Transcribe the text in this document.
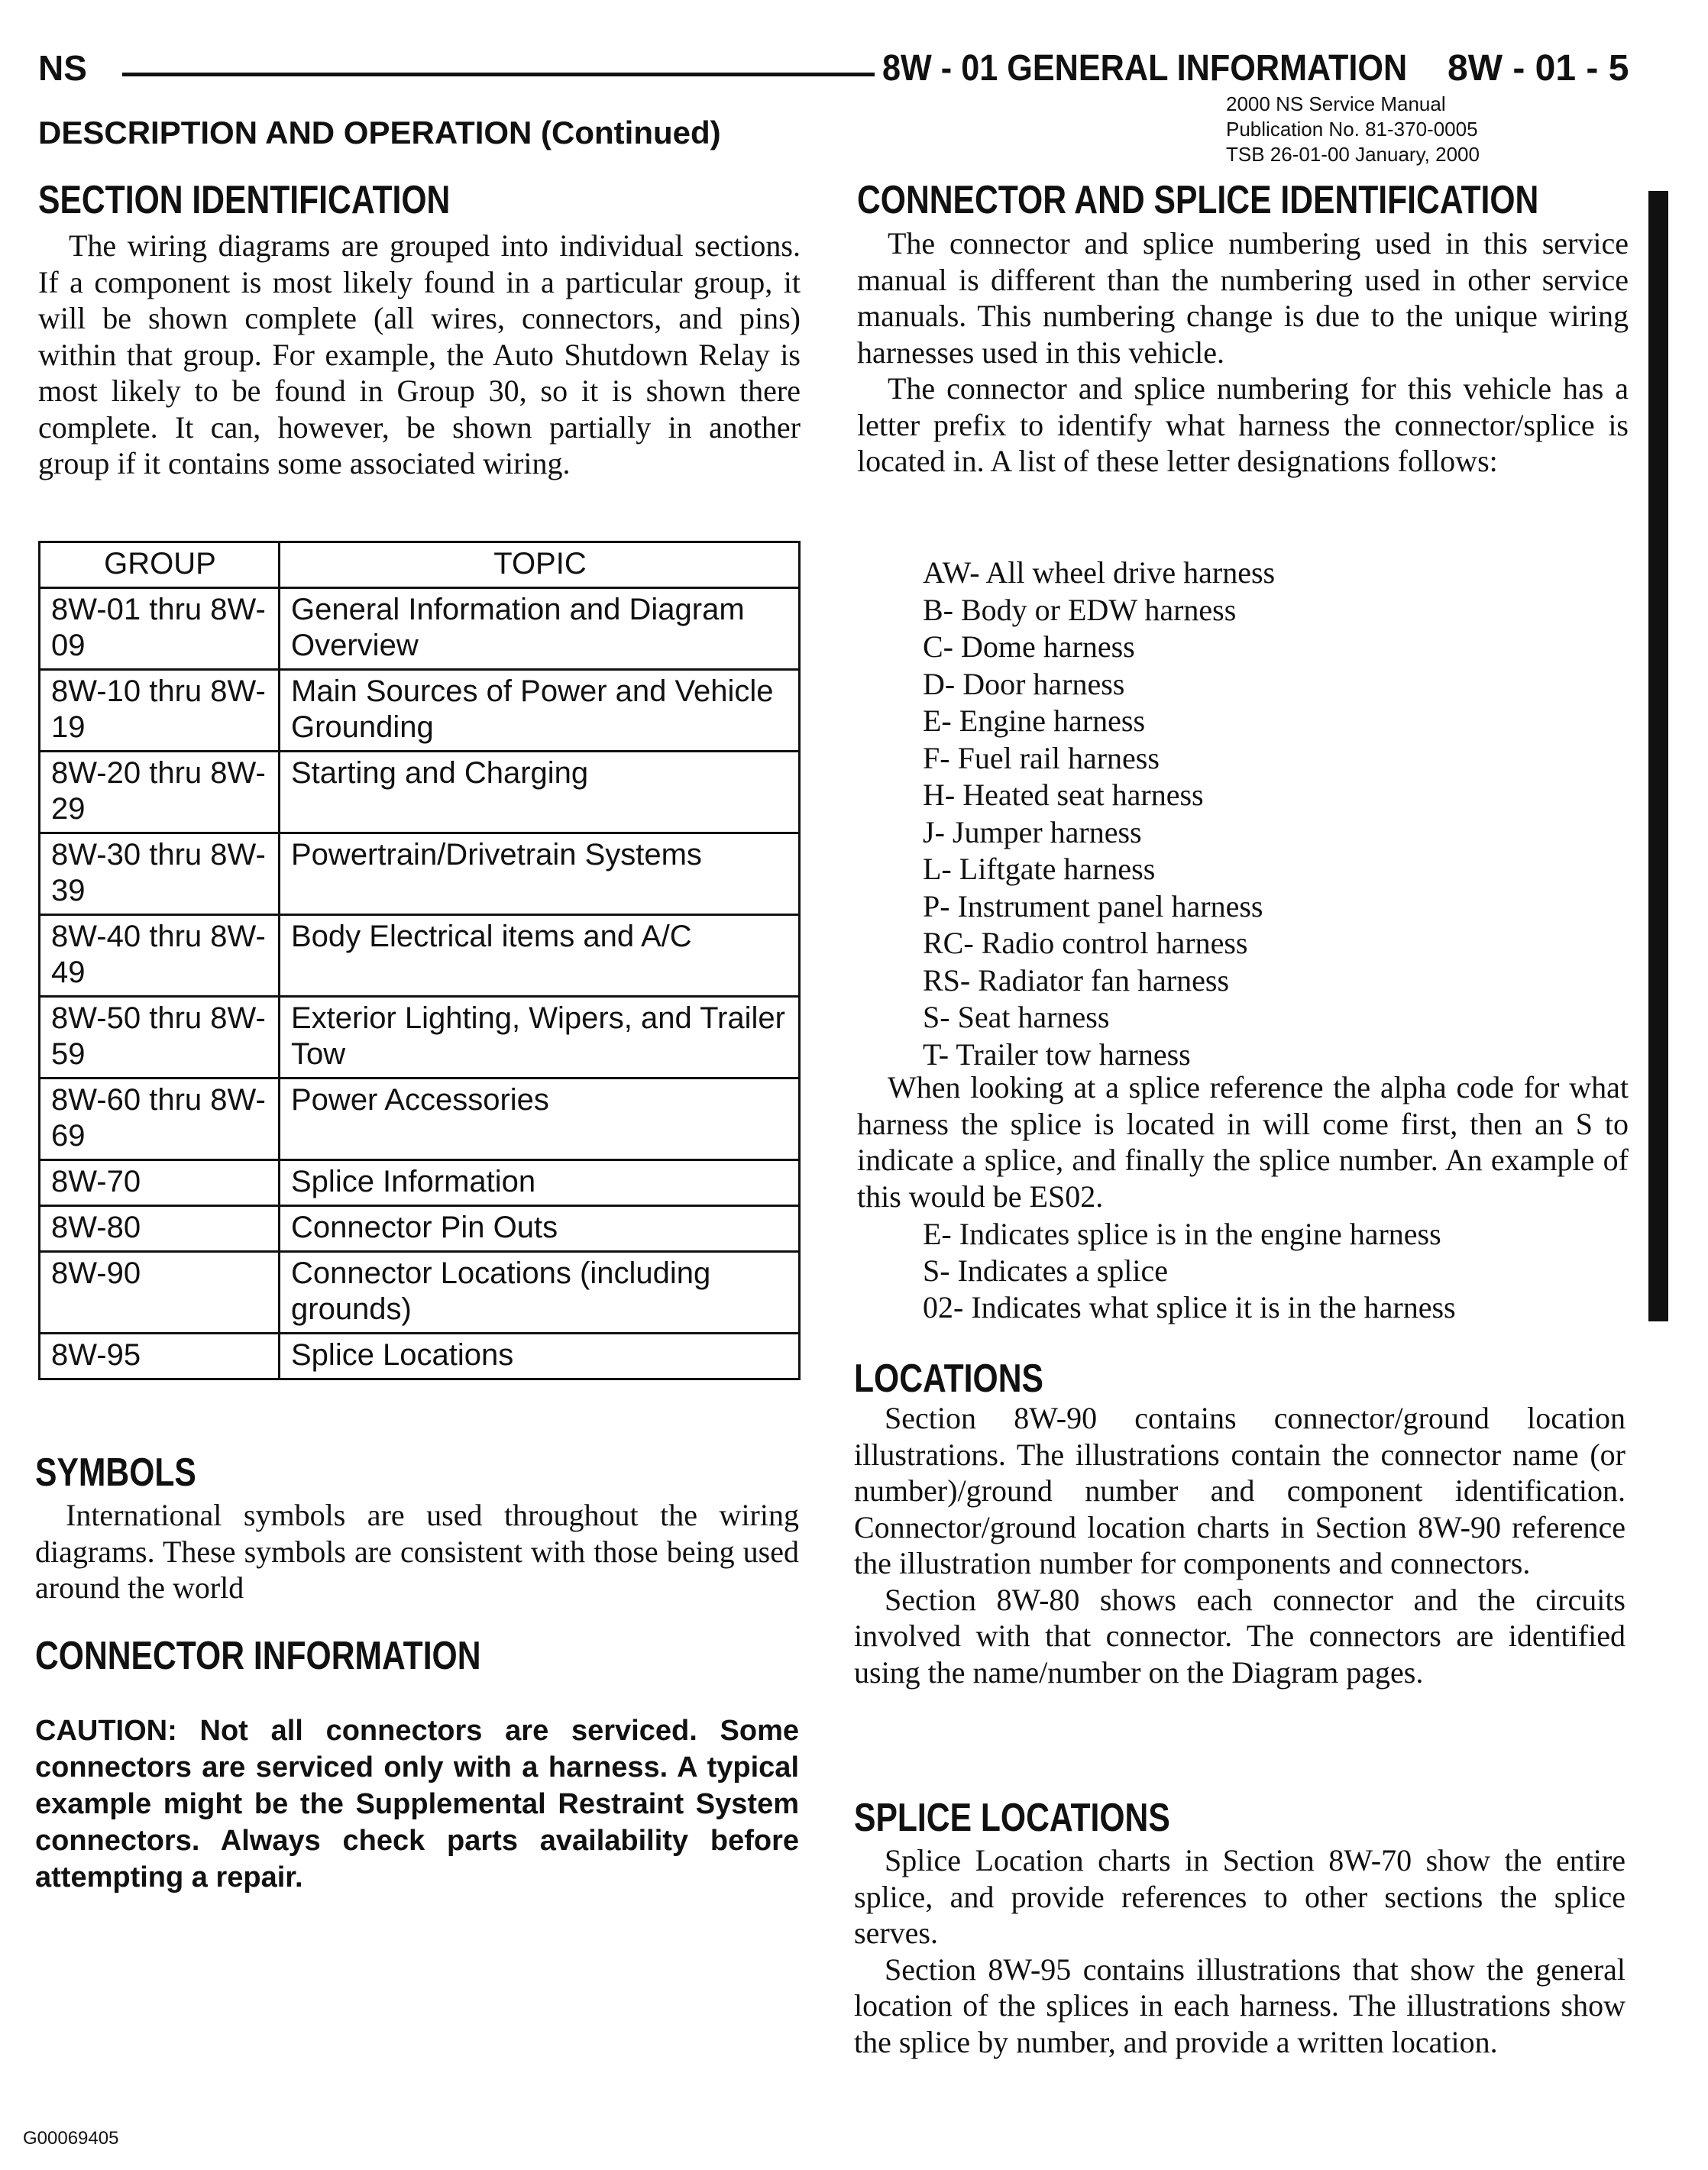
NS	8W - 01 GENERAL INFORMATION 8W - 01 - 5
2000 NS Service Manual
Publication No. 81-370-0005
TSB 26-01-00 January, 2000
DESCRIPTION AND OPERATION (Continued)
SECTION IDENTIFICATION

The wiring diagrams are grouped into individual sections. If a component is most likely found in a particular group, it will be shown complete (all wires, connectors, and pins) within that group. For example, the Auto Shutdown Relay is most likely to be found in Group 30, so it is shown there complete. It can, however, be shown partially in another group if it contains some associated wiring.

GROUP	TOPIC
8W-01 thru 8W-09	General Information and Diagram Overview
8W-10 thru 8W-19	Main Sources of Power and Vehicle Grounding
8W-20 thru 8W-29	Starting and Charging
8W-30 thru 8W-39	Powertrain/Drivetrain Systems
8W-40 thru 8W-49	Body Electrical items and A/C
8W-50 thru 8W-59	Exterior Lighting, Wipers, and Trailer Tow
8W-60 thru 8W-69	Power Accessories
8W-70	Splice Information
8W-80	Connector Pin Outs
8W-90	Connector Locations (including grounds)
8W-95	Splice Locations
SYMBOLS

International symbols are used throughout the wiring diagrams. These symbols are consistent with those being used around the world

CONNECTOR INFORMATION
CAUTION: Not all connectors are serviced. Some connectors are serviced only with a harness. A typical example might be the Supplemental Restraint System connectors. Always check parts availability before attempting a repair.
CONNECTOR AND SPLICE IDENTIFICATION

The connector and splice numbering used in this service manual is different than the numbering used in other service manuals. This numbering change is due to the unique wiring harnesses used in this vehicle.

The connector and splice numbering for this vehicle has a letter prefix to identify what harness the connector/splice is located in. A list of these letter designations follows:

AW- All wheel drive harness
B- Body or EDW harness
C- Dome harness
D- Door harness
E- Engine harness
F- Fuel rail harness
H- Heated seat harness
J- Jumper harness
L- Liftgate harness
P- Instrument panel harness
RC- Radio control harness
RS- Radiator fan harness
S- Seat harness
T- Trailer tow harness

When looking at a splice reference the alpha code for what harness the splice is located in will come first, then an S to indicate a splice, and finally the splice number. An example of this would be ES02.

E- Indicates splice is in the engine harness
S- Indicates a splice
02- Indicates what splice it is in the harness
LOCATIONS

Section 8W-90 contains connector/ground location illustrations. The illustrations contain the connector name (or number)/ground number and component identification. Connector/ground location charts in Section 8W-90 reference the illustration number for components and connectors.

Section 8W-80 shows each connector and the circuits involved with that connector. The connectors are identified using the name/number on the Diagram pages.

SPLICE LOCATIONS

Splice Location charts in Section 8W-70 show the entire splice, and provide references to other sections the splice serves.

Section 8W-95 contains illustrations that show the general location of the splices in each harness. The illustrations show the splice by number, and provide a written location.

G00069405
